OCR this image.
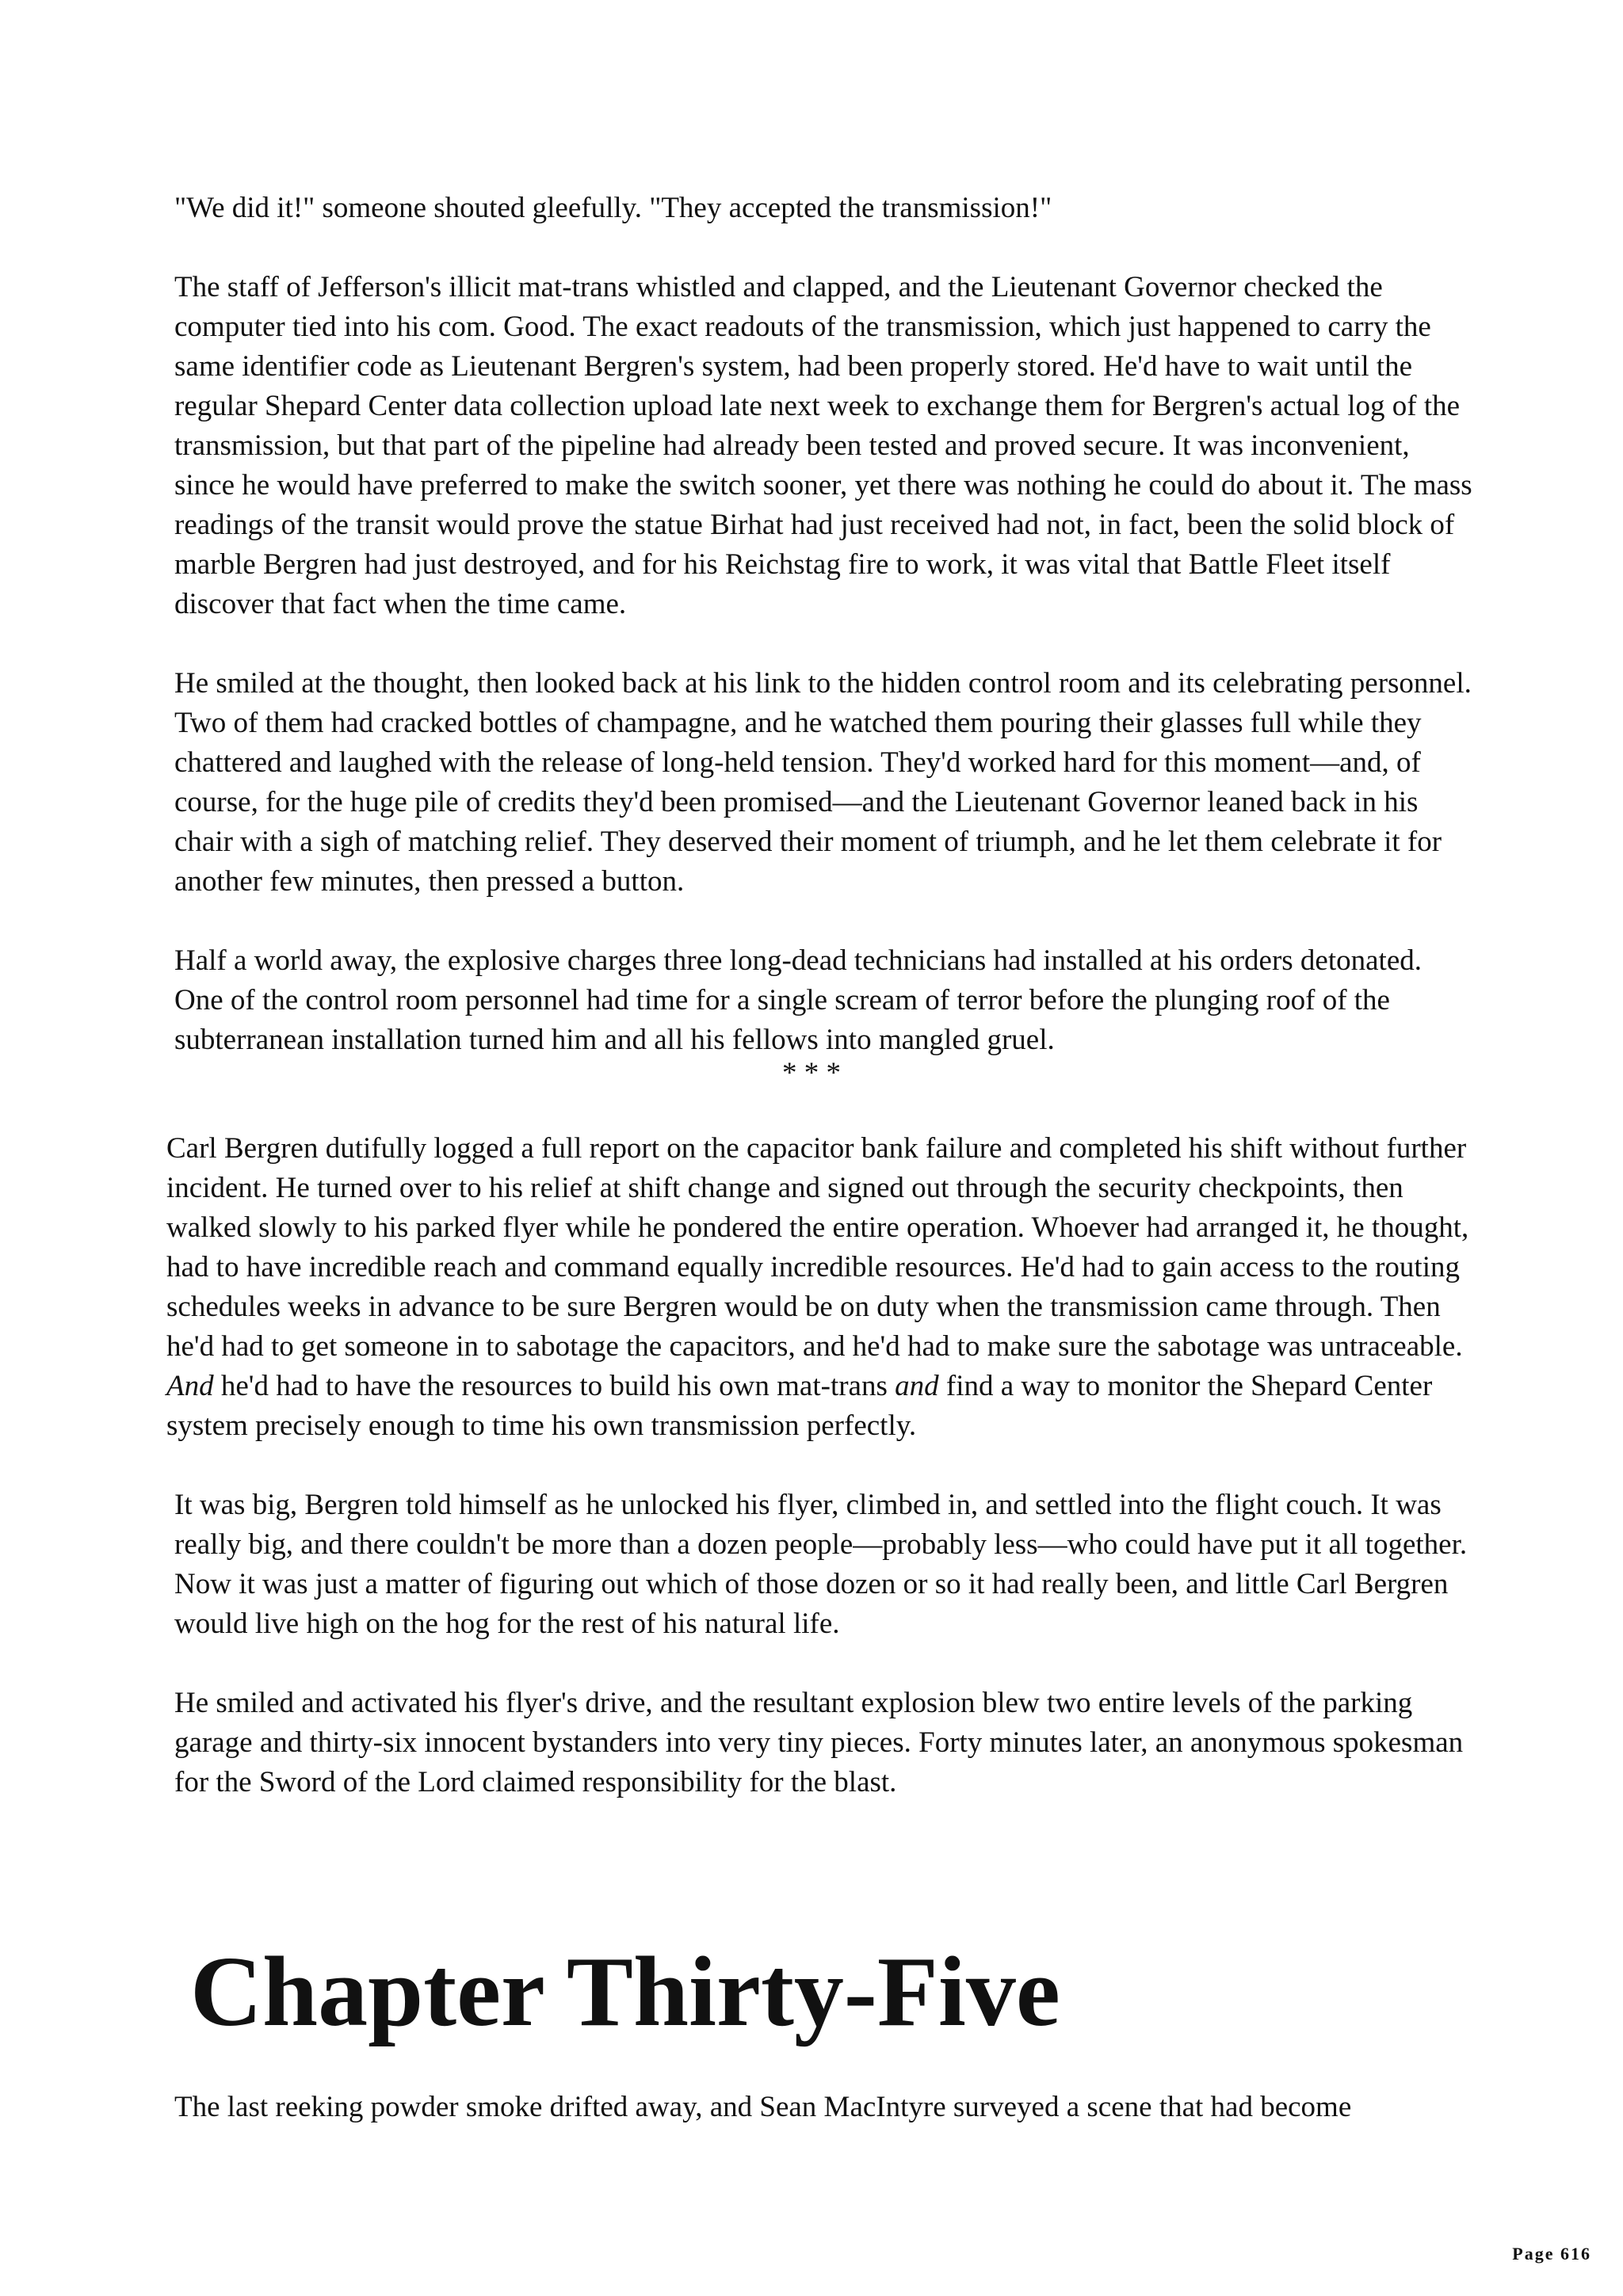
"We did it!" someone shouted gleefully. "They accepted the transmission!"

The staff of Jefferson's illicit mat-trans whistled and clapped, and the Lieutenant Governor checked the computer tied into his com. Good. The exact readouts of the transmission, which just happened to carry the same identifier code as Lieutenant Bergren's system, had been properly stored. He'd have to wait until the regular Shepard Center data collection upload late next week to exchange them for Bergren's actual log of the transmission, but that part of the pipeline had already been tested and proved secure. It was inconvenient, since he would have preferred to make the switch sooner, yet there was nothing he could do about it. The mass readings of the transit would prove the statue Birhat had just received had not, in fact, been the solid block of marble Bergren had just destroyed, and for his Reichstag fire to work, it was vital that Battle Fleet itself discover that fact when the time came.

He smiled at the thought, then looked back at his link to the hidden control room and its celebrating personnel. Two of them had cracked bottles of champagne, and he watched them pouring their glasses full while they chattered and laughed with the release of long-held tension. They'd worked hard for this moment—and, of course, for the huge pile of credits they'd been promised—and the Lieutenant Governor leaned back in his chair with a sigh of matching relief. They deserved their moment of triumph, and he let them celebrate it for another few minutes, then pressed a button.

Half a world away, the explosive charges three long-dead technicians had installed at his orders detonated. One of the control room personnel had time for a single scream of terror before the plunging roof of the subterranean installation turned him and all his fellows into mangled gruel.

* * *

Carl Bergren dutifully logged a full report on the capacitor bank failure and completed his shift without further incident. He turned over to his relief at shift change and signed out through the security checkpoints, then walked slowly to his parked flyer while he pondered the entire operation. Whoever had arranged it, he thought, had to have incredible reach and command equally incredible resources. He'd had to gain access to the routing schedules weeks in advance to be sure Bergren would be on duty when the transmission came through. Then he'd had to get someone in to sabotage the capacitors, and he'd had to make sure the sabotage was untraceable. And he'd had to have the resources to build his own mat-trans and find a way to monitor the Shepard Center system precisely enough to time his own transmission perfectly.

It was big, Bergren told himself as he unlocked his flyer, climbed in, and settled into the flight couch. It was really big, and there couldn't be more than a dozen people—probably less—who could have put it all together. Now it was just a matter of figuring out which of those dozen or so it had really been, and little Carl Bergren would live high on the hog for the rest of his natural life.

He smiled and activated his flyer's drive, and the resultant explosion blew two entire levels of the parking garage and thirty-six innocent bystanders into very tiny pieces. Forty minutes later, an anonymous spokesman for the Sword of the Lord claimed responsibility for the blast.

Chapter Thirty-Five

The last reeking powder smoke drifted away, and Sean MacIntyre surveyed a scene that had become

Page 616
